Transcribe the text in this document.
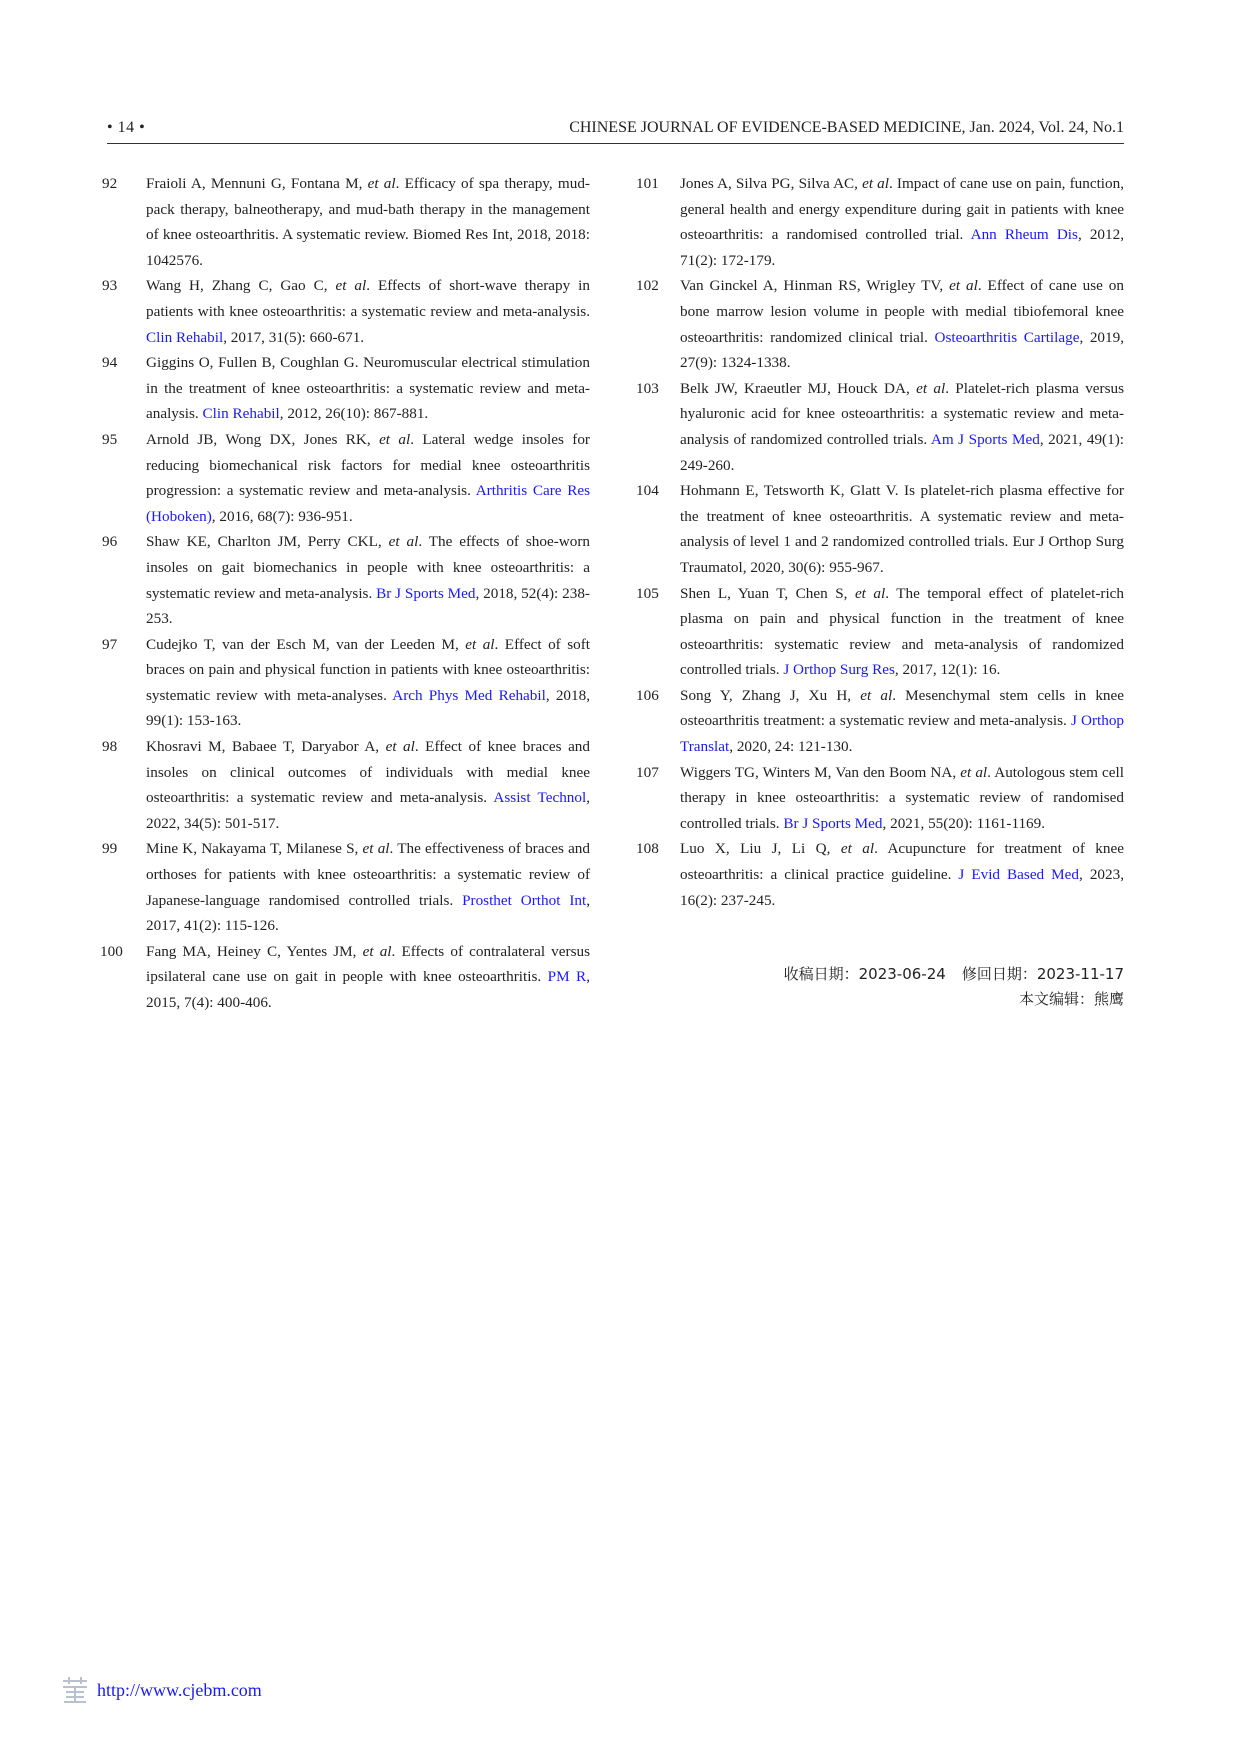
• 14 •	CHINESE JOURNAL OF EVIDENCE-BASED MEDICINE, Jan. 2024, Vol. 24, No.1

92 Fraioli A, Mennuni G, Fontana M, et al. Efficacy of spa therapy, mud-pack therapy, balneotherapy, and mud-bath therapy in the management of knee osteoarthritis. A systematic review. Biomed Res Int, 2018, 2018: 1042576.

93 Wang H, Zhang C, Gao C, et al. Effects of short-wave therapy in patients with knee osteoarthritis: a systematic review and meta-analysis. Clin Rehabil, 2017, 31(5): 660-671.

94 Giggins O, Fullen B, Coughlan G. Neuromuscular electrical stimulation in the treatment of knee osteoarthritis: a systematic review and meta-analysis. Clin Rehabil, 2012, 26(10): 867-881.

95 Arnold JB, Wong DX, Jones RK, et al. Lateral wedge insoles for reducing biomechanical risk factors for medial knee osteoarthritis progression: a systematic review and meta-analysis. Arthritis Care Res (Hoboken), 2016, 68(7): 936-951.

96 Shaw KE, Charlton JM, Perry CKL, et al. The effects of shoe-worn insoles on gait biomechanics in people with knee osteoarthritis: a systematic review and meta-analysis. Br J Sports Med, 2018, 52(4): 238-253.

97 Cudejko T, van der Esch M, van der Leeden M, et al. Effect of soft braces on pain and physical function in patients with knee osteoarthritis: systematic review with meta-analyses. Arch Phys Med Rehabil, 2018, 99(1): 153-163.

98 Khosravi M, Babaee T, Daryabor A, et al. Effect of knee braces and insoles on clinical outcomes of individuals with medial knee osteoarthritis: a systematic review and meta-analysis. Assist Technol, 2022, 34(5): 501-517.

99 Mine K, Nakayama T, Milanese S, et al. The effectiveness of braces and orthoses for patients with knee osteoarthritis: a systematic review of Japanese-language randomised controlled trials. Prosthet Orthot Int, 2017, 41(2): 115-126.

100 Fang MA, Heiney C, Yentes JM, et al. Effects of contralateral versus ipsilateral cane use on gait in people with knee osteoarthritis. PM R, 2015, 7(4): 400-406.

101 Jones A, Silva PG, Silva AC, et al. Impact of cane use on pain, function, general health and energy expenditure during gait in patients with knee osteoarthritis: a randomised controlled trial. Ann Rheum Dis, 2012, 71(2): 172-179.

102 Van Ginckel A, Hinman RS, Wrigley TV, et al. Effect of cane use on bone marrow lesion volume in people with medial tibiofemoral knee osteoarthritis: randomized clinical trial. Osteoarthritis Cartilage, 2019, 27(9): 1324-1338.

103 Belk JW, Kraeutler MJ, Houck DA, et al. Platelet-rich plasma versus hyaluronic acid for knee osteoarthritis: a systematic review and meta-analysis of randomized controlled trials. Am J Sports Med, 2021, 49(1): 249-260.

104 Hohmann E, Tetsworth K, Glatt V. Is platelet-rich plasma effective for the treatment of knee osteoarthritis. A systematic review and meta-analysis of level 1 and 2 randomized controlled trials. Eur J Orthop Surg Traumatol, 2020, 30(6): 955-967.

105 Shen L, Yuan T, Chen S, et al. The temporal effect of platelet-rich plasma on pain and physical function in the treatment of knee osteoarthritis: systematic review and meta-analysis of randomized controlled trials. J Orthop Surg Res, 2017, 12(1): 16.

106 Song Y, Zhang J, Xu H, et al. Mesenchymal stem cells in knee osteoarthritis treatment: a systematic review and meta-analysis. J Orthop Translat, 2020, 24: 121-130.

107 Wiggers TG, Winters M, Van den Boom NA, et al. Autologous stem cell therapy in knee osteoarthritis: a systematic review of randomised controlled trials. Br J Sports Med, 2021, 55(20): 1161-1169.

108 Luo X, Liu J, Li Q, et al. Acupuncture for treatment of knee osteoarthritis: a clinical practice guideline. J Evid Based Med, 2023, 16(2): 237-245.

收稿日期：2023-06-24 修回日期：2023-11-17
本文编辑：熊鹰
http://www.cjebm.com
